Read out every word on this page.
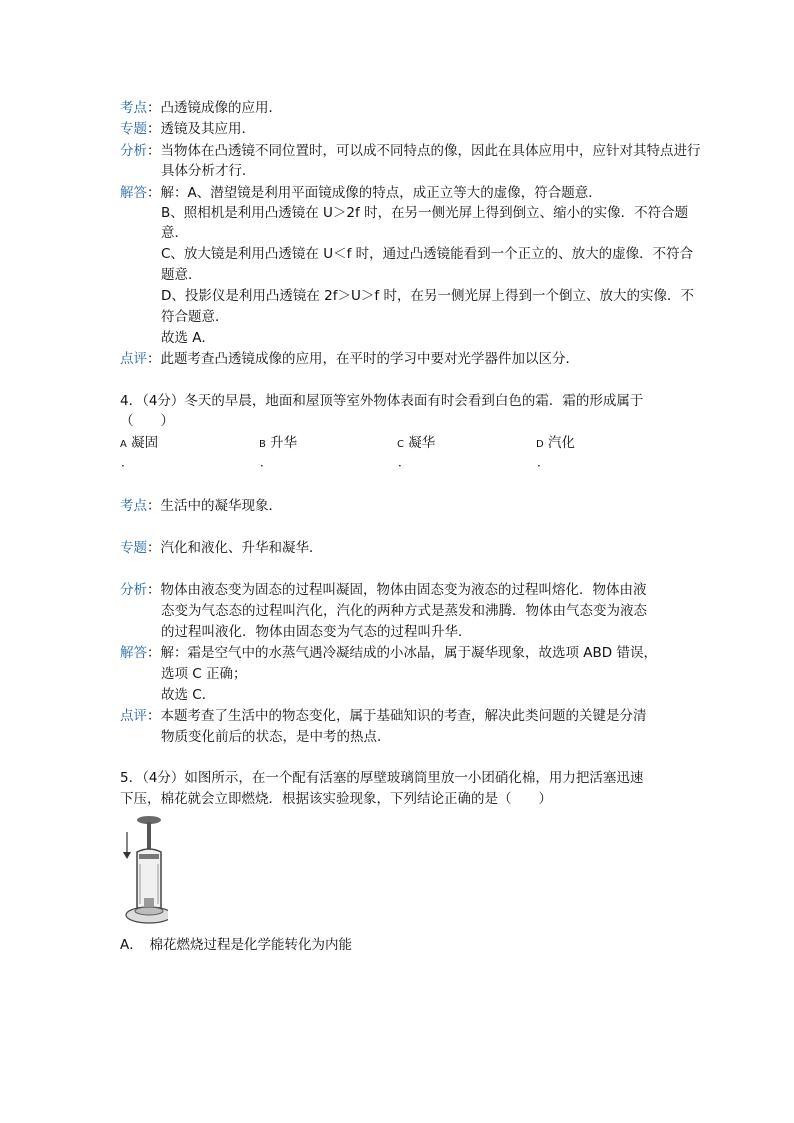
考点：凸透镜成像的应用．
专题：透镜及其应用．
分析：当物体在凸透镜不同位置时，可以成不同特点的像，因此在具体应用中，应针对其特点进行
具体分析才行．
解答：解：A、潜望镜是利用平面镜成像的特点，成正立等大的虚像，符合题意．
B、照相机是利用凸透镜在 U＞2f 时，在另一侧光屏上得到倒立、缩小的实像．不符合题
意．
C、放大镜是利用凸透镜在 U＜f 时，通过凸透镜能看到一个正立的、放大的虚像．不符合
题意．
D、投影仪是利用凸透镜在 2f＞U＞f 时，在另一侧光屏上得到一个倒立、放大的实像．不
符合题意．
故选 A．
点评：此题考查凸透镜成像的应用，在平时的学习中要对光学器件加以区分．
4．（4分）冬天的早晨，地面和屋顶等室外物体表面有时会看到白色的霜．霜的形成属于
（　　）
A 凝固
．
B 升华
．
C 凝华
．
D 汽化
．
考点：生活中的凝华现象．
专题：汽化和液化、升华和凝华．
分析：物体由液态变为固态的过程叫凝固，物体由固态变为液态的过程叫熔化．物体由液
态变为气态态的过程叫汽化，汽化的两种方式是蒸发和沸腾．物体由气态变为液态
的过程叫液化．物体由固态变为气态的过程叫升华．
解答：解：霜是空气中的水蒸气遇冷凝结成的小冰晶，属于凝华现象，故选项 ABD 错误，
选项 C 正确；
故选 C．
点评：本题考查了生活中的物态变化，属于基础知识的考查，解决此类问题的关键是分清
物质变化前后的状态，是中考的热点．
5．（4分）如图所示，在一个配有活塞的厚壁玻璃筒里放一小团硝化棉，用力把活塞迅速
下压，棉花就会立即燃烧．根据该实验现象，下列结论正确的是（　　）
A．　棉花燃烧过程是化学能转化为内能
